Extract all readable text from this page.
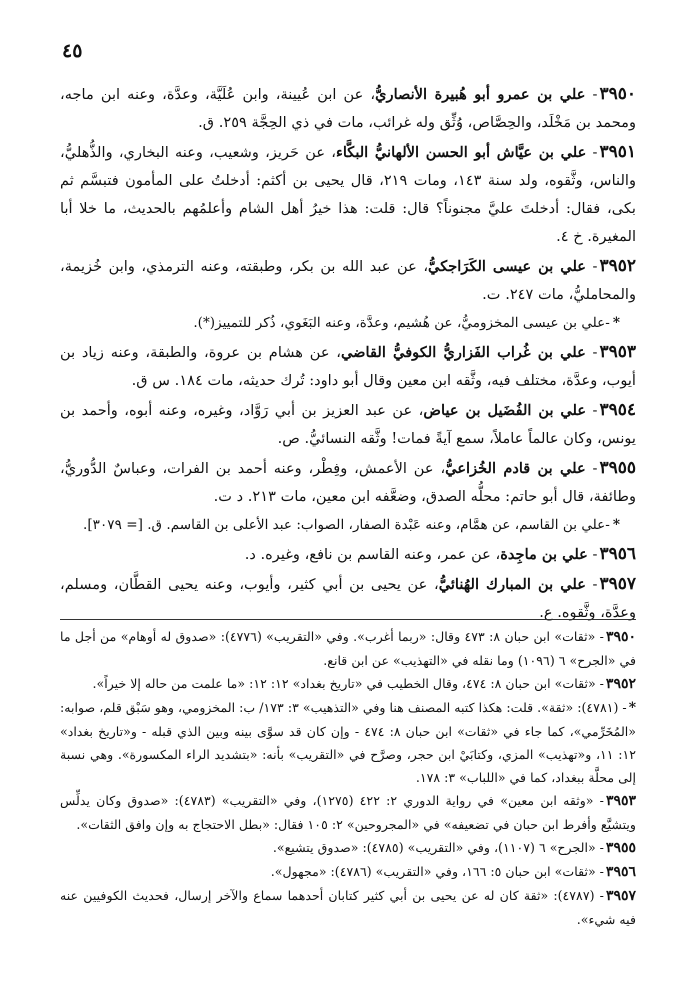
٤٥
٣٩٥٠- علي بن عمرو أبو هُبيرة الأنصاريُّ، عن ابن عُيينة، وابن عُلَيَّة، وعدَّة، وعنه ابن ماجه، ومحمد بن مَخْلَد، والحِصَّاص، وُثِّق وله غرائب، مات في ذي الحِجَّة ٢٥٩. ق.
٣٩٥١- علي بن عيَّاش أبو الحسن الألهانيُّ البكَّاء، عن حَريز، وشعيب، وعنه البخاري، والذُّهليُّ، والناس، وثَّقوه، ولد سنة ١٤٣، ومات ٢١٩، قال يحيى بن أكثم: أدخلتُ على المأمون فتبسَّم ثم بكى، فقال: أدخلتَ عليَّ مجنوناً؟ قال: قلت: هذا خيرُ أهل الشام وأعلمُهم بالحديث، ما خلا أبا المغيرة. خ ٤.
٣٩٥٢- علي بن عيسى الكَرَاجكيُّ، عن عبد الله بن بكر، وطبقته، وعنه الترمذي، وابن خُزيمة، والمحامليُّ، مات ٢٤٧. ت.
*-علي بن عيسى المخزوميُّ، عن هُشيم، وعدَّة، وعنه البَغَوي، ذُكر للتمييز(*).
٣٩٥٣- علي بن غُراب الفَزاريُّ الكوفيُّ القاضي، عن هشام بن عروة، والطبقة، وعنه زياد بن أيوب، وعدَّة، مختلف فيه، وثَّقه ابن معين وقال أبو داود: تُرك حديثه، مات ١٨٤. س ق.
٣٩٥٤- علي بن الفُضَيل بن عياض، عن عبد العزيز بن أبي رَوَّاد، وغيره، وعنه أبوه، وأحمد بن يونس، وكان عالماً عاملاً، سمع آيةً فمات! وثَّقه النسائيُّ. ص.
٣٩٥٥- علي بن قادم الخُزاعيُّ، عن الأعمش، وفِطْر، وعنه أحمد بن الفرات، وعباسٌ الدُّوريُّ، وطائفة، قال أبو حاتم: محلُّه الصدق، وضعَّفه ابن معين، مات ٢١٣. د ت.
*-علي بن القاسم، عن همَّام، وعنه عَبْدة الصفار، الصواب: عبد الأعلى بن القاسم. ق. [= ٣٠٧٩].
٣٩٥٦- علي بن ماجِدة، عن عمر، وعنه القاسم بن نافع، وغيره. د.
٣٩٥٧- علي بن المبارك الهُنائيُّ، عن يحيى بن أبي كثير، وأيوب، وعنه يحيى القطَّان، ومسلم، وعدَّة، وثَّقوه. ع.
٣٩٥٠- «ثقات» ابن حبان ٨: ٤٧٣ وقال: «ربما أغرب». وفي «التقريب» (٤٧٧٦): «صدوق له أوهام» من أجل ما في «الجرح» ٦ (١٠٩٦) وما نقله في «التهذيب» عن ابن قانع.
٣٩٥٢- «ثقات» ابن حبان ٨: ٤٧٤، وقال الخطيب في «تاريخ بغداد» ١٢: ١٢: «ما علمت من حاله إلا خيراً».
*- (٤٧٨١): «ثقة». قلت: هكذا كتبه المصنف هنا وفي «التذهيب» ٣: ١٧٣/ ب: المخزومي، وهو سَبْق قلم، صوابه: «المُخَرِّمي»، كما جاء في «ثقات» ابن حبان ٨: ٤٧٤ - وإن كان قد سوَّى بينه وبين الذي قبله - و«تاريخ بغداد» ١٢: ١١، و«تهذيب» المزي، وكتابَيْ ابن حجر، وصرَّح في «التقريب» بأنه: «بتشديد الراء المكسورة». وهي نسبة إلى محلَّة ببغداد، كما في «اللباب» ٣: ١٧٨.
٣٩٥٣- «وثقه ابن معين» في رواية الدوري ٢: ٤٢٢ (١٢٧٥)، وفي «التقريب» (٤٧٨٣): «صدوق وكان يدلِّس ويتشيَّع وأفرط ابن حبان في تضعيفه» في «المجروحين» ٢: ١٠٥ فقال: «بطل الاحتجاج به وإن وافق الثقات».
٣٩٥٥- «الجرح» ٦ (١١٠٧)، وفي «التقريب» (٤٧٨٥): «صدوق يتشيع».
٣٩٥٦- «ثقات» ابن حبان ٥: ١٦٦، وفي «التقريب» (٤٧٨٦): «مجهول».
٣٩٥٧- (٤٧٨٧): «ثقة كان له عن يحيى بن أبي كثير كتابان أحدهما سماع والآخر إرسال، فحديث الكوفيين عنه فيه شيء».
